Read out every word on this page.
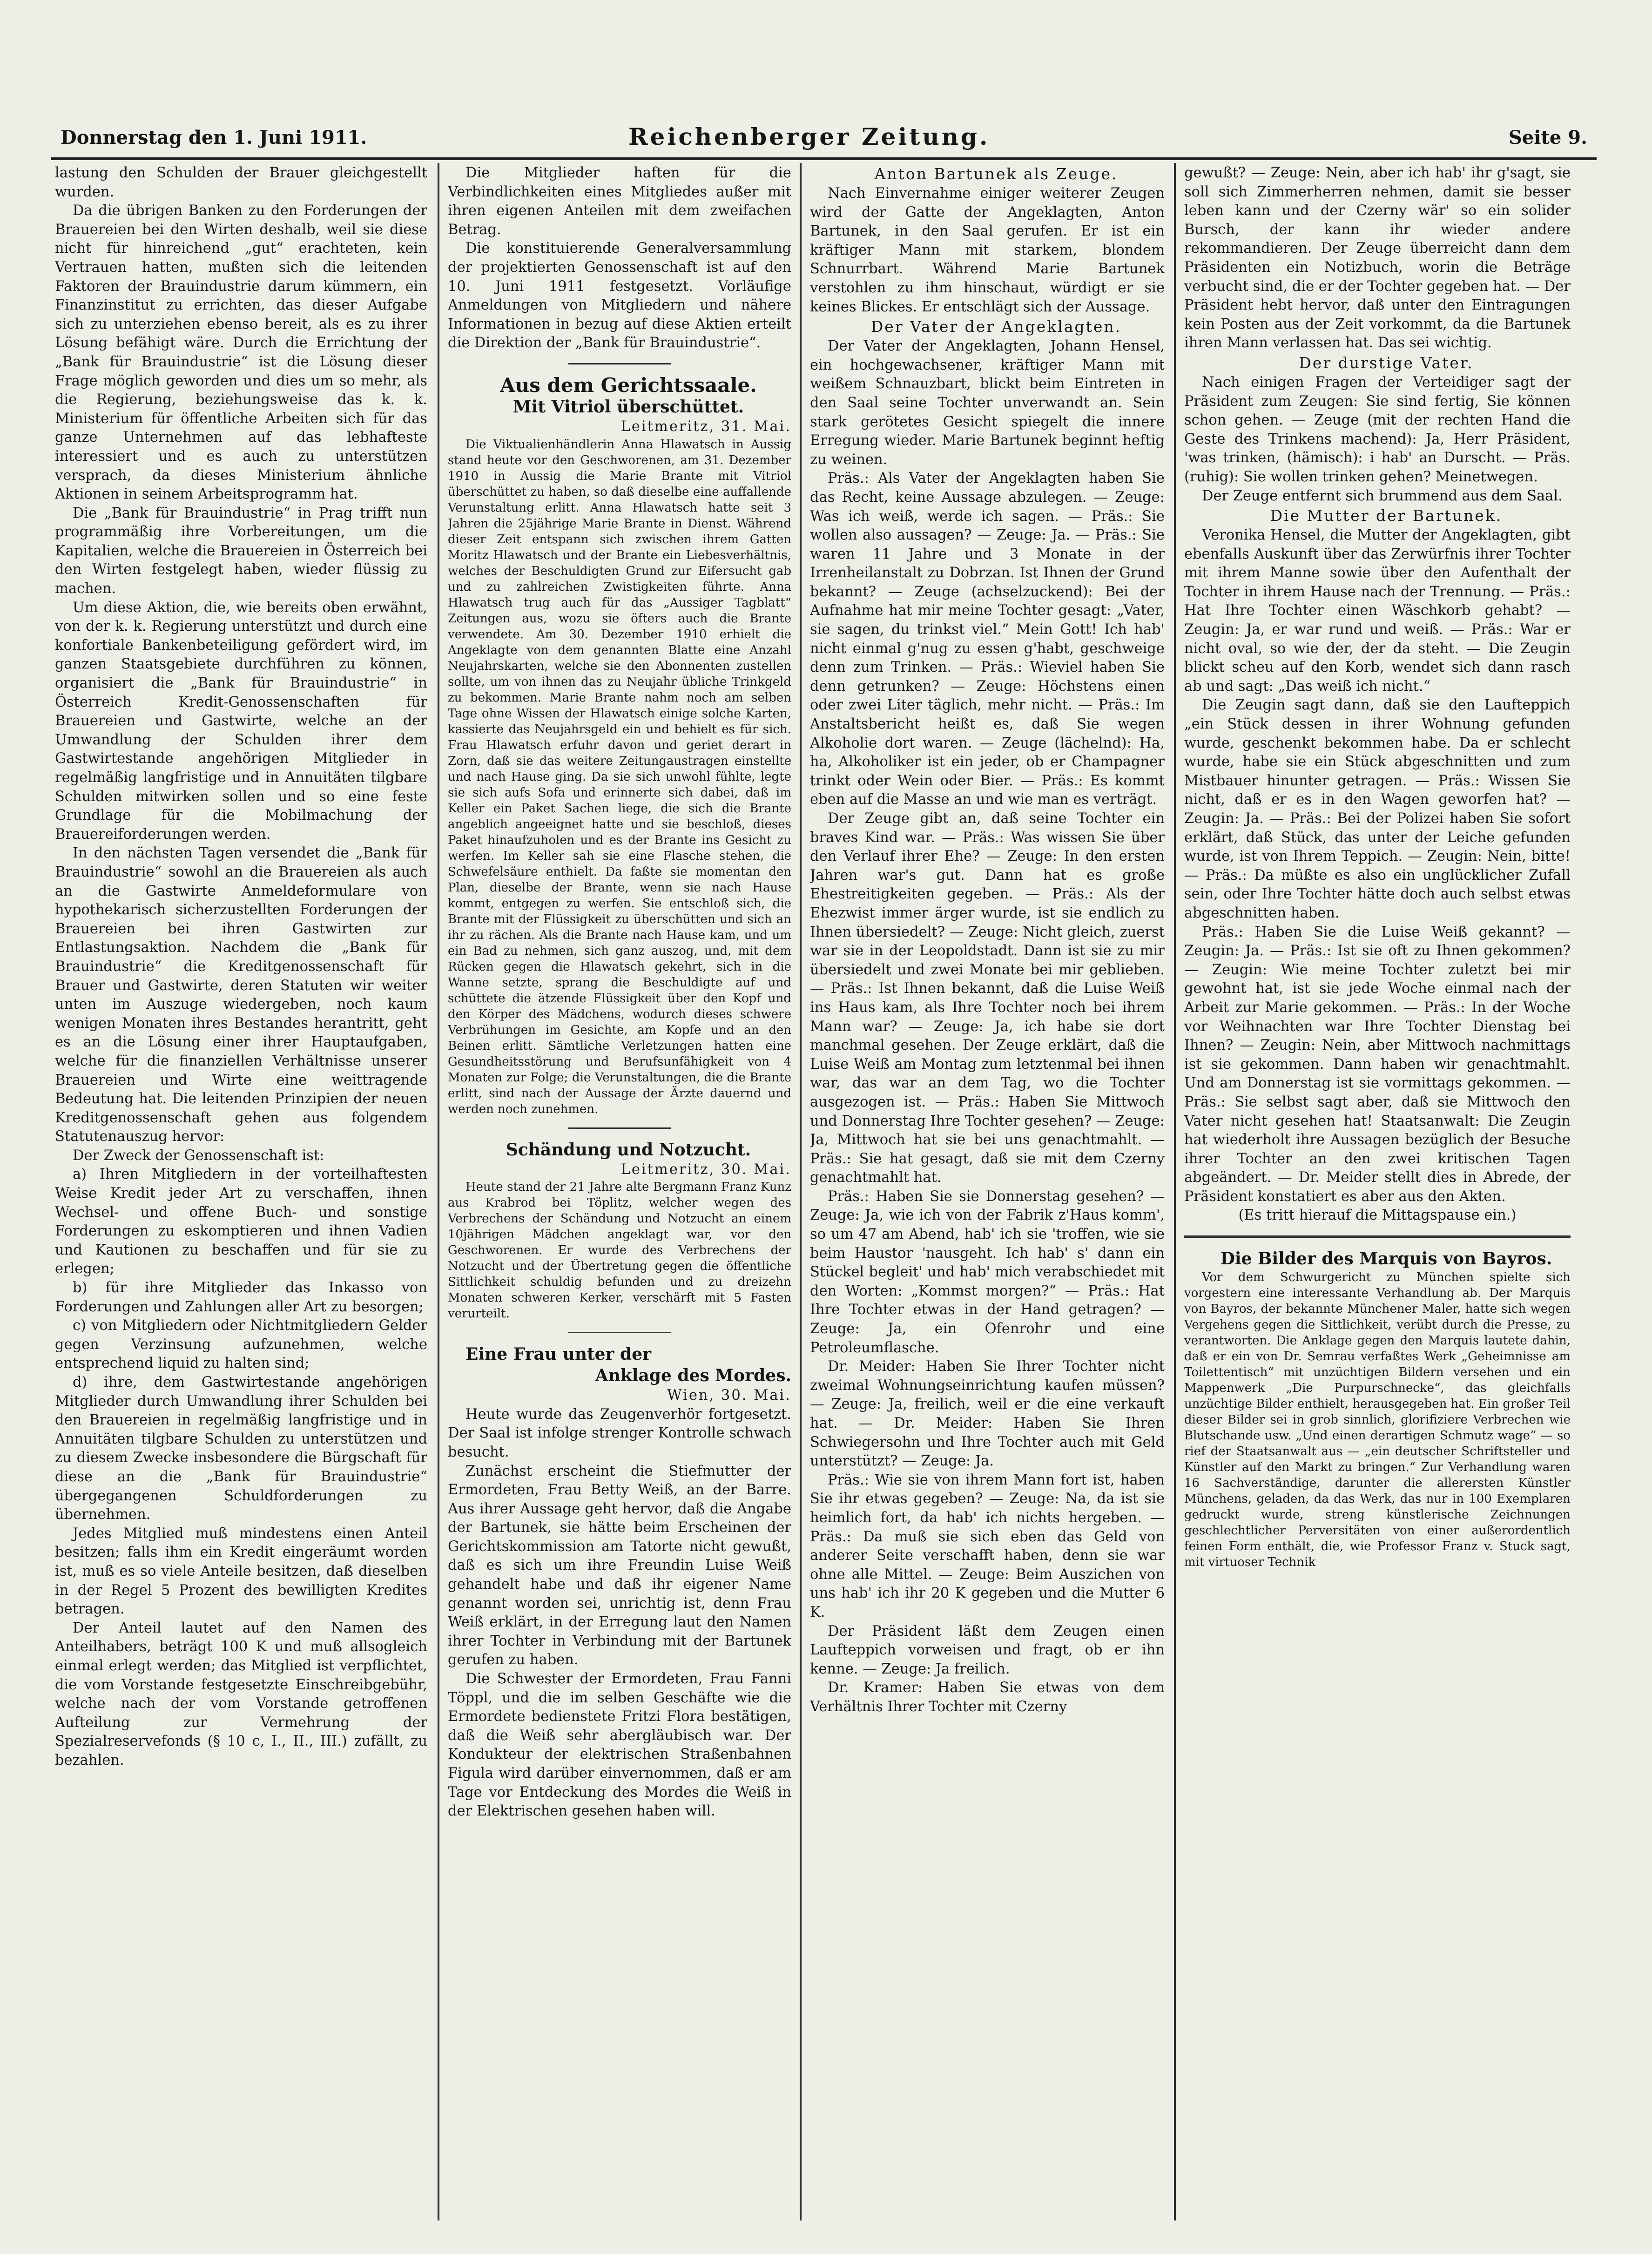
Donnerstag den 1. Juni 1911.	Reichenberger Zeitung.	Seite 9.

lastung den Schulden der Brauer gleichgestellt wurden.

Da die übrigen Banken zu den Forderungen der Brauereien bei den Wirten deshalb, weil sie diese nicht für hinreichend „gut“ erachteten, kein Vertrauen hatten, mußten sich die leitenden Faktoren der Brauindustrie darum kümmern, ein Finanzinstitut zu errichten, das dieser Aufgabe sich zu unterziehen ebenso bereit, als es zu ihrer Lösung befähigt wäre. Durch die Errichtung der „Bank für Brauindustrie“ ist die Lösung dieser Frage möglich geworden und dies um so mehr, als die Regierung, beziehungsweise das k. k. Ministerium für öffentliche Arbeiten sich für das ganze Unternehmen auf das lebhafteste interessiert und es auch zu unterstützen versprach, da dieses Ministerium ähnliche Aktionen in seinem Arbeitsprogramm hat.

Die „Bank für Brauindustrie“ in Prag trifft nun programmäßig ihre Vorbereitungen, um die Kapitalien, welche die Brauereien in Österreich bei den Wirten festgelegt haben, wieder flüssig zu machen.

Um diese Aktion, die, wie bereits oben erwähnt, von der k. k. Regierung unterstützt und durch eine konfortiale Bankenbeteiligung gefördert wird, im ganzen Staatsgebiete durchführen zu können, organisiert die „Bank für Brauindustrie“ in Österreich Kredit-Genossenschaften für Brauereien und Gastwirte, welche an der Umwandlung der Schulden ihrer dem Gastwirtestande angehörigen Mitglieder in regelmäßig langfristige und in Annuitäten tilgbare Schulden mitwirken sollen und so eine feste Grundlage für die Mobilmachung der Brauereiforderungen werden.

In den nächsten Tagen versendet die „Bank für Brauindustrie“ sowohl an die Brauereien als auch an die Gastwirte Anmeldeformulare von hypothekarisch sicherzustellten Forderungen der Brauereien bei ihren Gastwirten zur Entlastungsaktion. Nachdem die „Bank für Brauindustrie“ die Kreditgenossenschaft für Brauer und Gastwirte, deren Statuten wir weiter unten im Auszuge wiedergeben, noch kaum wenigen Monaten ihres Bestandes herantritt, geht es an die Lösung einer ihrer Hauptaufgaben, welche für die finanziellen Verhältnisse unserer Brauereien und Wirte eine weittragende Bedeutung hat. Die leitenden Prinzipien der neuen Kreditgenossenschaft gehen aus folgendem Statutenauszug hervor:

Der Zweck der Genossenschaft ist:

a) Ihren Mitgliedern in der vorteilhaftesten Weise Kredit jeder Art zu verschaffen, ihnen Wechsel- und offene Buch- und sonstige Forderungen zu eskomptieren und ihnen Vadien und Kautionen zu beschaffen und für sie zu erlegen;

b) für ihre Mitglieder das Inkasso von Forderungen und Zahlungen aller Art zu besorgen;

c) von Mitgliedern oder Nichtmitgliedern Gelder gegen Verzinsung aufzunehmen, welche entsprechend liquid zu halten sind;

d) ihre, dem Gastwirtestande angehörigen Mitglieder durch Umwandlung ihrer Schulden bei den Brauereien in regelmäßig langfristige und in Annuitäten tilgbare Schulden zu unterstützen und zu diesem Zwecke insbesondere die Bürgschaft für diese an die „Bank für Brauindustrie“ übergegangenen Schuldforderungen zu übernehmen.

Jedes Mitglied muß mindestens einen Anteil besitzen; falls ihm ein Kredit eingeräumt worden ist, muß es so viele Anteile besitzen, daß dieselben in der Regel 5 Prozent des bewilligten Kredites betragen.

Der Anteil lautet auf den Namen des Anteilhabers, beträgt 100 K und muß allsogleich einmal erlegt werden; das Mitglied ist verpflichtet, die vom Vorstande festgesetzte Einschreibgebühr, welche nach der vom Vorstande getroffenen Aufteilung zur Vermehrung der Spezialreservefonds (§ 10 c, I., II., III.) zufällt, zu bezahlen.

Die Mitglieder haften für die Verbindlichkeiten eines Mitgliedes außer mit ihren eigenen Anteilen mit dem zweifachen Betrag.

Die konstituierende Generalversammlung der projektierten Genossenschaft ist auf den 10. Juni 1911 festgesetzt. Vorläufige Anmeldungen von Mitgliedern und nähere Informationen in bezug auf diese Aktien erteilt die Direktion der „Bank für Brauindustrie“.

Aus dem Gerichtssaale.

Mit Vitriol überschüttet.

Leitmeritz, 31. Mai.

Die Viktualienhändlerin Anna Hlawatsch in Aussig stand heute vor den Geschworenen, am 31. Dezember 1910 in Aussig die Marie Brante mit Vitriol überschüttet zu haben, so daß dieselbe eine auffallende Verunstaltung erlitt. Anna Hlawatsch hatte seit 3 Jahren die 25jährige Marie Brante in Dienst. Während dieser Zeit entspann sich zwischen ihrem Gatten Moritz Hlawatsch und der Brante ein Liebesverhältnis, welches der Beschuldigten Grund zur Eifersucht gab und zu zahlreichen Zwistigkeiten führte. Anna Hlawatsch trug auch für das „Aussiger Tagblatt“ Zeitungen aus, wozu sie öfters auch die Brante verwendete. Am 30. Dezember 1910 erhielt die Angeklagte von dem genannten Blatte eine Anzahl Neujahrskarten, welche sie den Abonnenten zustellen sollte, um von ihnen das zu Neujahr übliche Trinkgeld zu bekommen. Marie Brante nahm noch am selben Tage ohne Wissen der Hlawatsch einige solche Karten, kassierte das Neujahrsgeld ein und behielt es für sich. Frau Hlawatsch erfuhr davon und geriet derart in Zorn, daß sie das weitere Zeitungaustragen einstellte und nach Hause ging. Da sie sich unwohl fühlte, legte sie sich aufs Sofa und erinnerte sich dabei, daß im Keller ein Paket Sachen liege, die sich die Brante angeblich angeeignet hatte und sie beschloß, dieses Paket hinaufzuholen und es der Brante ins Gesicht zu werfen. Im Keller sah sie eine Flasche stehen, die Schwefelsäure enthielt. Da faßte sie momentan den Plan, dieselbe der Brante, wenn sie nach Hause kommt, entgegen zu werfen. Sie entschloß sich, die Brante mit der Flüssigkeit zu überschütten und sich an ihr zu rächen. Als die Brante nach Hause kam, und um ein Bad zu nehmen, sich ganz auszog, und, mit dem Rücken gegen die Hlawatsch gekehrt, sich in die Wanne setzte, sprang die Beschuldigte auf und schüttete die ätzende Flüssigkeit über den Kopf und den Körper des Mädchens, wodurch dieses schwere Verbrühungen im Gesichte, am Kopfe und an den Beinen erlitt. Sämtliche Verletzungen hatten eine Gesundheitsstörung und Berufsunfähigkeit von 4 Monaten zur Folge; die Verunstaltungen, die die Brante erlitt, sind nach der Aussage der Ärzte dauernd und werden noch zunehmen.

Schändung und Notzucht.

Leitmeritz, 30. Mai.

Heute stand der 21 Jahre alte Bergmann Franz Kunz aus Krabrod bei Töplitz, welcher wegen des Verbrechens der Schändung und Notzucht an einem 10jährigen Mädchen angeklagt war, vor den Geschworenen. Er wurde des Verbrechens der Notzucht und der Übertretung gegen die öffentliche Sittlichkeit schuldig befunden und zu dreizehn Monaten schweren Kerker, verschärft mit 5 Fasten verurteilt.

Eine Frau unter der

Anklage des Mordes.

Wien, 30. Mai.

Heute wurde das Zeugenverhör fortgesetzt. Der Saal ist infolge strenger Kontrolle schwach besucht.

Zunächst erscheint die Stiefmutter der Ermordeten, Frau Betty Weiß, an der Barre. Aus ihrer Aussage geht hervor, daß die Angabe der Bartunek, sie hätte beim Erscheinen der Gerichtskommission am Tatorte nicht gewußt, daß es sich um ihre Freundin Luise Weiß gehandelt habe und daß ihr eigener Name genannt worden sei, unrichtig ist, denn Frau Weiß erklärt, in der Erregung laut den Namen ihrer Tochter in Verbindung mit der Bartunek gerufen zu haben.

Die Schwester der Ermordeten, Frau Fanni Töppl, und die im selben Geschäfte wie die Ermordete bedienstete Fritzi Flora bestätigen, daß die Weiß sehr abergläubisch war. Der Kondukteur der elektrischen Straßenbahnen Figula wird darüber einvernommen, daß er am Tage vor Entdeckung des Mordes die Weiß in der Elektrischen gesehen haben will.

Anton Bartunek als Zeuge.

Nach Einvernahme einiger weiterer Zeugen wird der Gatte der Angeklagten, Anton Bartunek, in den Saal gerufen. Er ist ein kräftiger Mann mit starkem, blondem Schnurrbart. Während Marie Bartunek verstohlen zu ihm hinschaut, würdigt er sie keines Blickes. Er entschlägt sich der Aussage.

Der Vater der Angeklagten.

Der Vater der Angeklagten, Johann Hensel, ein hochgewachsener, kräftiger Mann mit weißem Schnauzbart, blickt beim Eintreten in den Saal seine Tochter unverwandt an. Sein stark gerötetes Gesicht spiegelt die innere Erregung wieder. Marie Bartunek beginnt heftig zu weinen.

Präs.: Als Vater der Angeklagten haben Sie das Recht, keine Aussage abzulegen. — Zeuge: Was ich weiß, werde ich sagen. — Präs.: Sie wollen also aussagen? — Zeuge: Ja. — Präs.: Sie waren 11 Jahre und 3 Monate in der Irrenheilanstalt zu Dobrzan. Ist Ihnen der Grund bekannt? — Zeuge (achselzuckend): Bei der Aufnahme hat mir meine Tochter gesagt: „Vater, sie sagen, du trinkst viel.“ Mein Gott! Ich hab' nicht einmal g'nug zu essen g'habt, geschweige denn zum Trinken. — Präs.: Wieviel haben Sie denn getrunken? — Zeuge: Höchstens einen oder zwei Liter täglich, mehr nicht. — Präs.: Im Anstaltsbericht heißt es, daß Sie wegen Alkoholie dort waren. — Zeuge (lächelnd): Ha, ha, Alkoholiker ist ein jeder, ob er Champagner trinkt oder Wein oder Bier. — Präs.: Es kommt eben auf die Masse an und wie man es verträgt.

Der Zeuge gibt an, daß seine Tochter ein braves Kind war. — Präs.: Was wissen Sie über den Verlauf ihrer Ehe? — Zeuge: In den ersten Jahren war's gut. Dann hat es große Ehestreitigkeiten gegeben. — Präs.: Als der Ehezwist immer ärger wurde, ist sie endlich zu Ihnen übersiedelt? — Zeuge: Nicht gleich, zuerst war sie in der Leopoldstadt. Dann ist sie zu mir übersiedelt und zwei Monate bei mir geblieben. — Präs.: Ist Ihnen bekannt, daß die Luise Weiß ins Haus kam, als Ihre Tochter noch bei ihrem Mann war? — Zeuge: Ja, ich habe sie dort manchmal gesehen. Der Zeuge erklärt, daß die Luise Weiß am Montag zum letztenmal bei ihnen war, das war an dem Tag, wo die Tochter ausgezogen ist. — Präs.: Haben Sie Mittwoch und Donnerstag Ihre Tochter gesehen? — Zeuge: Ja, Mittwoch hat sie bei uns genachtmahlt. — Präs.: Sie hat gesagt, daß sie mit dem Czerny genachtmahlt hat.

Präs.: Haben Sie sie Donnerstag gesehen? — Zeuge: Ja, wie ich von der Fabrik z'Haus komm', so um 47 am Abend, hab' ich sie 'troffen, wie sie beim Haustor 'nausgeht. Ich hab' s' dann ein Stückel begleit' und hab' mich verabschiedet mit den Worten: „Kommst morgen?“ — Präs.: Hat Ihre Tochter etwas in der Hand getragen? — Zeuge: Ja, ein Ofenrohr und eine Petroleumflasche.

Dr. Meider: Haben Sie Ihrer Tochter nicht zweimal Wohnungseinrichtung kaufen müssen? — Zeuge: Ja, freilich, weil er die eine verkauft hat. — Dr. Meider: Haben Sie Ihren Schwiegersohn und Ihre Tochter auch mit Geld unterstützt? — Zeuge: Ja.

Präs.: Wie sie von ihrem Mann fort ist, haben Sie ihr etwas gegeben? — Zeuge: Na, da ist sie heimlich fort, da hab' ich nichts hergeben. — Präs.: Da muß sie sich eben das Geld von anderer Seite verschafft haben, denn sie war ohne alle Mittel. — Zeuge: Beim Auszichen von uns hab' ich ihr 20 K gegeben und die Mutter 6 K.

Der Präsident läßt dem Zeugen einen Laufteppich vorweisen und fragt, ob er ihn kenne. — Zeuge: Ja freilich.

Dr. Kramer: Haben Sie etwas von dem Verhältnis Ihrer Tochter mit Czerny

gewußt? — Zeuge: Nein, aber ich hab' ihr g'sagt, sie soll sich Zimmerherren nehmen, damit sie besser leben kann und der Czerny wär' so ein solider Bursch, der kann ihr wieder andere rekommandieren. Der Zeuge überreicht dann dem Präsidenten ein Notizbuch, worin die Beträge verbucht sind, die er der Tochter gegeben hat. — Der Präsident hebt hervor, daß unter den Eintragungen kein Posten aus der Zeit vorkommt, da die Bartunek ihren Mann verlassen hat. Das sei wichtig.

Der durstige Vater.

Nach einigen Fragen der Verteidiger sagt der Präsident zum Zeugen: Sie sind fertig, Sie können schon gehen. — Zeuge (mit der rechten Hand die Geste des Trinkens machend): Ja, Herr Präsident, 'was trinken, (hämisch): i hab' an Durscht. — Präs. (ruhig): Sie wollen trinken gehen? Meinetwegen.

Der Zeuge entfernt sich brummend aus dem Saal.

Die Mutter der Bartunek.

Veronika Hensel, die Mutter der Angeklagten, gibt ebenfalls Auskunft über das Zerwürfnis ihrer Tochter mit ihrem Manne sowie über den Aufenthalt der Tochter in ihrem Hause nach der Trennung. — Präs.: Hat Ihre Tochter einen Wäschkorb gehabt? — Zeugin: Ja, er war rund und weiß. — Präs.: War er nicht oval, so wie der, der da steht. — Die Zeugin blickt scheu auf den Korb, wendet sich dann rasch ab und sagt: „Das weiß ich nicht.“

Die Zeugin sagt dann, daß sie den Laufteppich „ein Stück dessen in ihrer Wohnung gefunden wurde, geschenkt bekommen habe. Da er schlecht wurde, habe sie ein Stück abgeschnitten und zum Mistbauer hinunter getragen. — Präs.: Wissen Sie nicht, daß er es in den Wagen geworfen hat? — Zeugin: Ja. — Präs.: Bei der Polizei haben Sie sofort erklärt, daß Stück, das unter der Leiche gefunden wurde, ist von Ihrem Teppich. — Zeugin: Nein, bitte! — Präs.: Da müßte es also ein unglücklicher Zufall sein, oder Ihre Tochter hätte doch auch selbst etwas abgeschnitten haben.

Präs.: Haben Sie die Luise Weiß gekannt? — Zeugin: Ja. — Präs.: Ist sie oft zu Ihnen gekommen? — Zeugin: Wie meine Tochter zuletzt bei mir gewohnt hat, ist sie jede Woche einmal nach der Arbeit zur Marie gekommen. — Präs.: In der Woche vor Weihnachten war Ihre Tochter Dienstag bei Ihnen? — Zeugin: Nein, aber Mittwoch nachmittags ist sie gekommen. Dann haben wir genachtmahlt. Und am Donnerstag ist sie vormittags gekommen. — Präs.: Sie selbst sagt aber, daß sie Mittwoch den Vater nicht gesehen hat! Staatsanwalt: Die Zeugin hat wiederholt ihre Aussagen bezüglich der Besuche ihrer Tochter an den zwei kritischen Tagen abgeändert. — Dr. Meider stellt dies in Abrede, der Präsident konstatiert es aber aus den Akten.

(Es tritt hierauf die Mittagspause ein.)

Die Bilder des Marquis von Bayros.

Vor dem Schwurgericht zu München spielte sich vorgestern eine interessante Verhandlung ab. Der Marquis von Bayros, der bekannte Münchener Maler, hatte sich wegen Vergehens gegen die Sittlichkeit, verübt durch die Presse, zu verantworten. Die Anklage gegen den Marquis lautete dahin, daß er ein von Dr. Semrau verfaßtes Werk „Geheimnisse am Toilettentisch“ mit unzüchtigen Bildern versehen und ein Mappenwerk „Die Purpurschnecke“, das gleichfalls unzüchtige Bilder enthielt, herausgegeben hat. Ein großer Teil dieser Bilder sei in grob sinnlich, glorifiziere Verbrechen wie Blutschande usw. „Und einen derartigen Schmutz wage“ — so rief der Staatsanwalt aus — „ein deutscher Schriftsteller und Künstler auf den Markt zu bringen.“ Zur Verhandlung waren 16 Sachverständige, darunter die allerersten Künstler Münchens, geladen, da das Werk, das nur in 100 Exemplaren gedruckt wurde, streng künstlerische Zeichnungen geschlechtlicher Perversitäten von einer außerordentlich feinen Form enthält, die, wie Professor Franz v. Stuck sagt, mit virtuoser Technik
